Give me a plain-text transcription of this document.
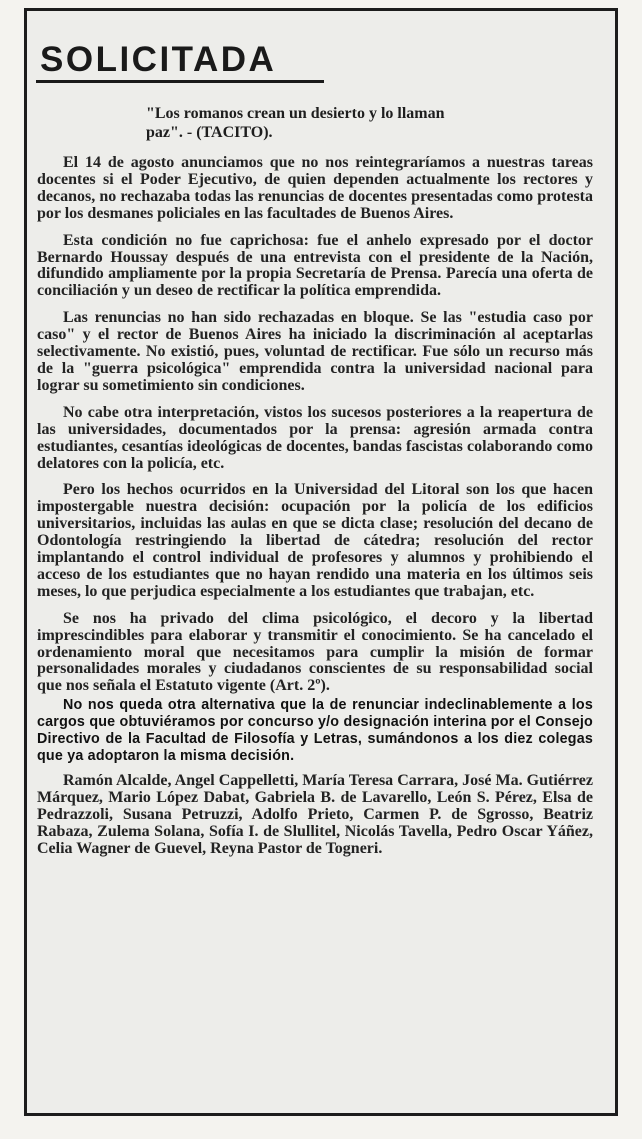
SOLICITADA
"Los romanos crean un desierto y lo llaman
paz". - (TACITO).

El 14 de agosto anunciamos que no nos reintegraríamos a nuestras tareas docentes si el Poder Ejecutivo, de quien dependen actualmente los rectores y decanos, no rechazaba todas las renuncias de docentes presentadas como protesta por los desmanes policiales en las facultades de Buenos Aires.

Esta condición no fue caprichosa: fue el anhelo expresado por el doctor Bernardo Houssay después de una entrevista con el presidente de la Nación, difundido ampliamente por la propia Secretaría de Prensa. Parecía una oferta de conciliación y un deseo de rectificar la política emprendida.

Las renuncias no han sido rechazadas en bloque. Se las "estudia caso por caso" y el rector de Buenos Aires ha iniciado la discriminación al aceptarlas selectivamente. No existió, pues, voluntad de rectificar. Fue sólo un recurso más de la "guerra psicológica" emprendida contra la universidad nacional para lograr su sometimiento sin condiciones.

No cabe otra interpretación, vistos los sucesos posteriores a la reapertura de las universidades, documentados por la prensa: agresión armada contra estudiantes, cesantías ideológicas de docentes, bandas fascistas colaborando como delatores con la policía, etc.

Pero los hechos ocurridos en la Universidad del Litoral son los que hacen impostergable nuestra decisión: ocupación por la policía de los edificios universitarios, incluidas las aulas en que se dicta clase; resolución del decano de Odontología restringiendo la libertad de cátedra; resolución del rector implantando el control individual de profesores y alumnos y prohibiendo el acceso de los estudiantes que no hayan rendido una materia en los últimos seis meses, lo que perjudica especialmente a los estudiantes que trabajan, etc.

Se nos ha privado del clima psicológico, el decoro y la libertad imprescindibles para elaborar y transmitir el conocimiento. Se ha cancelado el ordenamiento moral que necesitamos para cumplir la misión de formar personalidades morales y ciudadanos conscientes de su responsabilidad social que nos señala el Estatuto vigente (Art. 2º).

No nos queda otra alternativa que la de renunciar indeclinablemente a los cargos que obtuviéramos por concurso y/o designación interina por el Consejo Directivo de la Facultad de Filosofía y Letras, sumándonos a los diez colegas que ya adoptaron la misma decisión.

Ramón Alcalde, Angel Cappelletti, María Teresa Carrara, José Ma. Gutiérrez Márquez, Mario López Dabat, Gabriela B. de Lavarello, León S. Pérez, Elsa de Pedrazzoli, Susana Petruzzi, Adolfo Prieto, Carmen P. de Sgrosso, Beatriz Rabaza, Zulema Solana, Sofía I. de Slullitel, Nicolás Tavella, Pedro Oscar Yáñez, Celia Wagner de Guevel, Reyna Pastor de Togneri.
